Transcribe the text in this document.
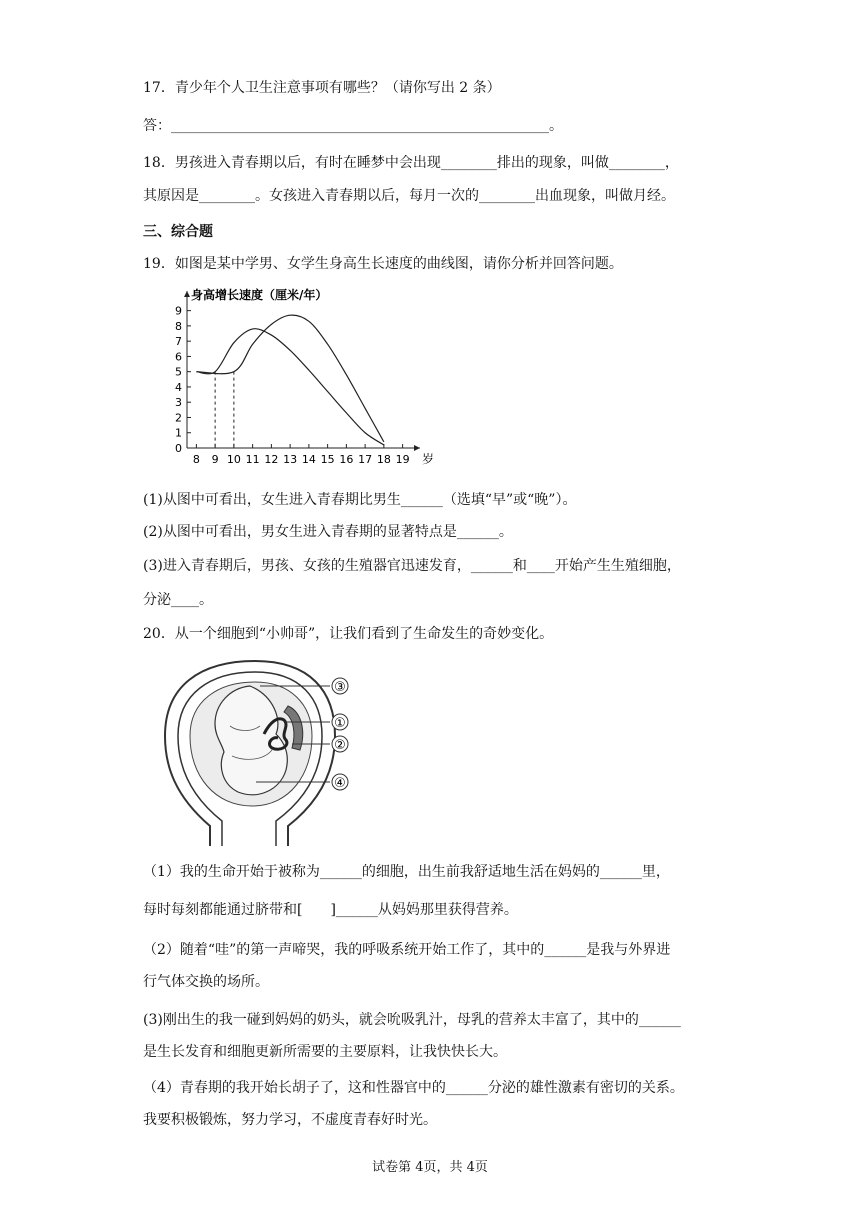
17．青少年个人卫生注意事项有哪些？（请你写出 2 条）
答：______________________________________________________。
18．男孩进入青春期以后，有时在睡梦中会出现________排出的现象，叫做________，
其原因是________。女孩进入青春期以后，每月一次的________出血现象，叫做月经。
三、综合题
19．如图是某中学男、女学生身高生长速度的曲线图，请你分析并回答问题。
0
1
2
3
4
5
6
7
8
9
8 9 10 11 12 13 14 15 16 17 18 19
身高增长速度（厘米/年）
岁
(1)从图中可看出，女生进入青春期比男生______（选填“早”或“晚”）。
(2)从图中可看出，男女生进入青春期的显著特点是______。
(3)进入青春期后，男孩、女孩的生殖器官迅速发育，______和____开始产生生殖细胞，
分泌____。
20．从一个细胞到“小帅哥”，让我们看到了生命发生的奇妙变化。
③
①
②
④
（1）我的生命开始于被称为______的细胞，出生前我舒适地生活在妈妈的______里，
每时每刻都能通过脐带和[　　]______从妈妈那里获得营养。
（2）随着“哇”的第一声啼哭，我的呼吸系统开始工作了，其中的______是我与外界进
行气体交换的场所。
(3)刚出生的我一碰到妈妈的奶头，就会吮吸乳汁，母乳的营养太丰富了，其中的______
是生长发育和细胞更新所需要的主要原料，让我快快长大。
（4）青春期的我开始长胡子了，这和性器官中的______分泌的雄性激素有密切的关系。
我要积极锻炼，努力学习，不虚度青春好时光。
试卷第 4页，共 4页
